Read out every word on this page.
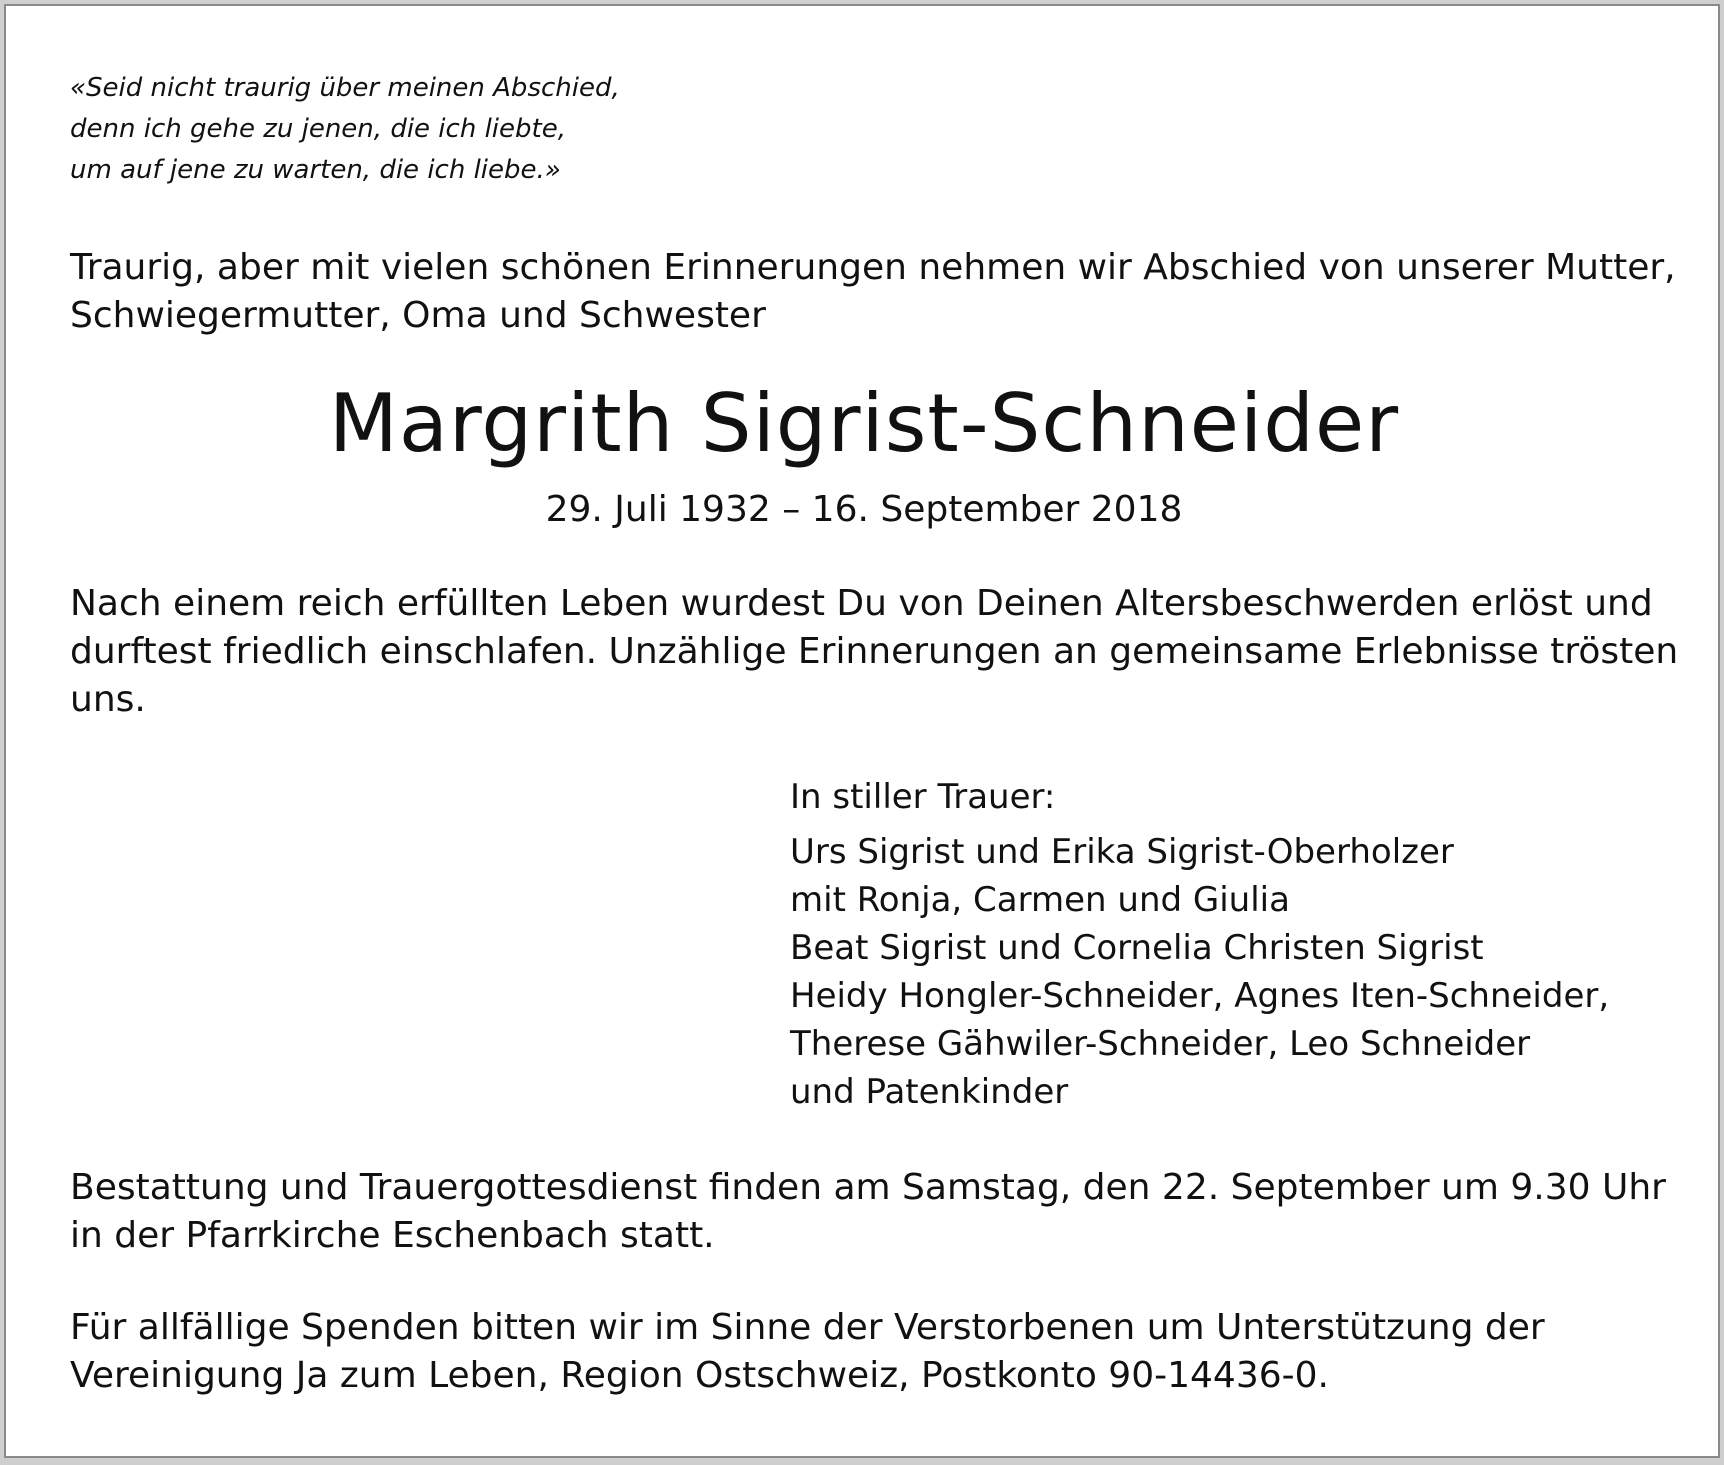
«Seid nicht traurig über meinen Abschied,
denn ich gehe zu jenen, die ich liebte,
um auf jene zu warten, die ich liebe.»
Traurig, aber mit vielen schönen Erinnerungen nehmen wir Abschied von unserer Mutter,
Schwiegermutter, Oma und Schwester
Margrith Sigrist-Schneider
29. Juli 1932 – 16. September 2018
Nach einem reich erfüllten Leben wurdest Du von Deinen Altersbeschwerden erlöst und
durftest friedlich einschlafen. Unzählige Erinnerungen an gemeinsame Erlebnisse trösten
uns.
In stiller Trauer:
Urs Sigrist und Erika Sigrist-Oberholzer
mit Ronja, Carmen und Giulia
Beat Sigrist und Cornelia Christen Sigrist
Heidy Hongler-Schneider, Agnes Iten-Schneider,
Therese Gähwiler-Schneider, Leo Schneider
und Patenkinder
Bestattung und Trauergottesdienst finden am Samstag, den 22. September um 9.30 Uhr
in der Pfarrkirche Eschenbach statt.
Für allfällige Spenden bitten wir im Sinne der Verstorbenen um Unterstützung der
Vereinigung Ja zum Leben, Region Ostschweiz, Postkonto 90-14436-0.
